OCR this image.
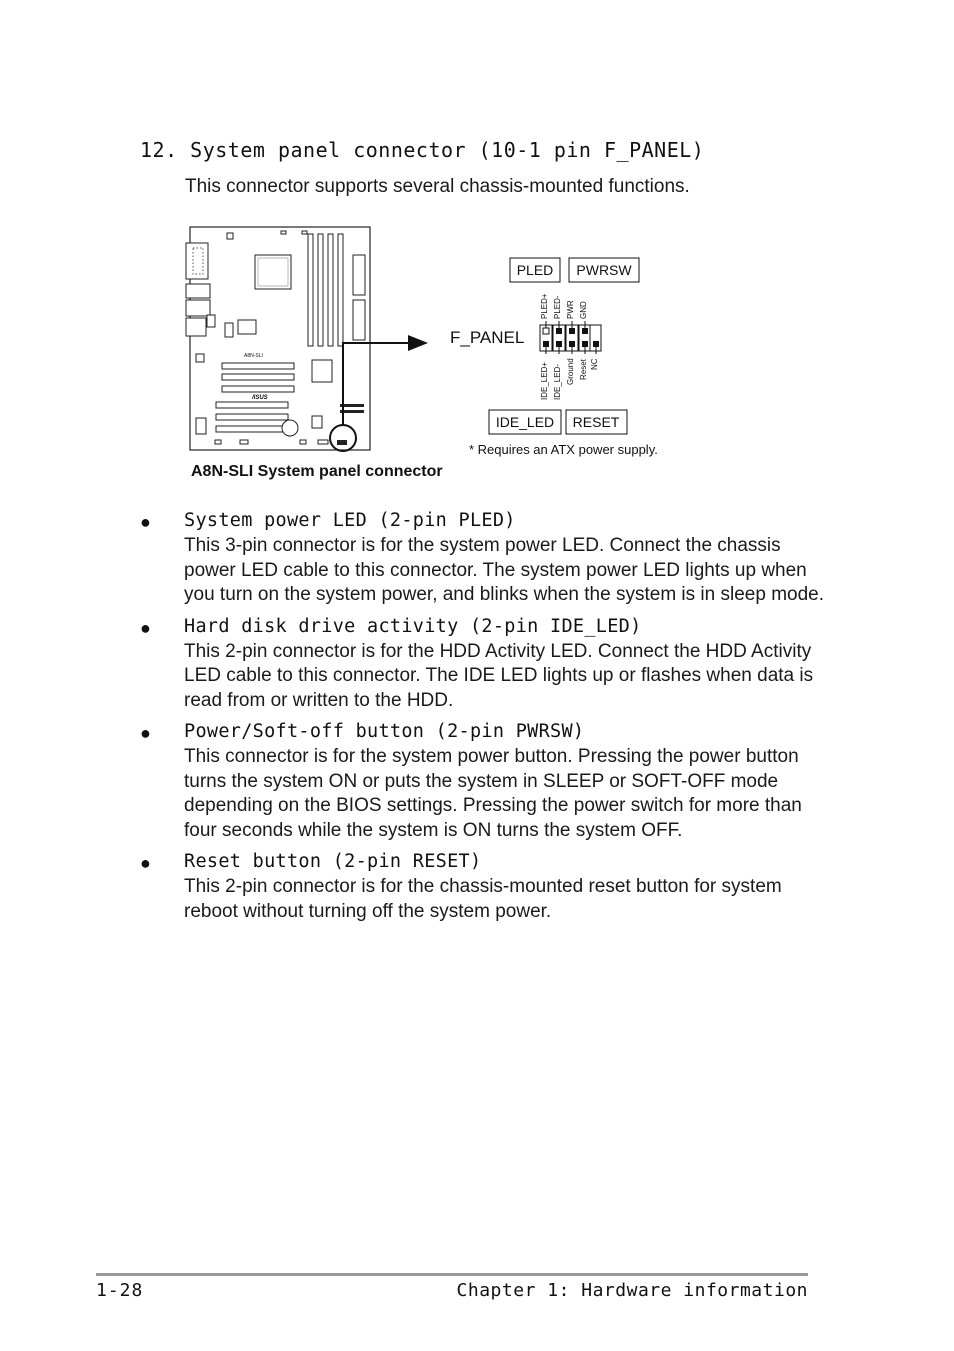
12. System panel connector (10-1 pin F_PANEL)
This connector supports several chassis-mounted functions.
A8N-SLI
/ISUS
F_PANEL
PLED PWRSW
PLED+ PLED- PWR GND
IDE_LED+ IDE_LED- Ground Reset NC
IDE_LED RESET
* Requires an ATX power supply.
A8N-SLI System panel connector
● System power LED (2-pin PLED)
This 3-pin connector is for the system power LED. Connect the chassis power LED cable to this connector. The system power LED lights up when you turn on the system power, and blinks when the system is in sleep mode.
● Hard disk drive activity (2-pin IDE_LED)
This 2-pin connector is for the HDD Activity LED. Connect the HDD Activity LED cable to this connector. The IDE LED lights up or flashes when data is read from or written to the HDD.
● Power/Soft-off button (2-pin PWRSW)
This connector is for the system power button. Pressing the power button turns the system ON or puts the system in SLEEP or SOFT-OFF mode depending on the BIOS settings. Pressing the power switch for more than four seconds while the system is ON turns the system OFF.
● Reset button (2-pin RESET)
This 2-pin connector is for the chassis-mounted reset button for system reboot without turning off the system power.
1-28	Chapter 1: Hardware information
